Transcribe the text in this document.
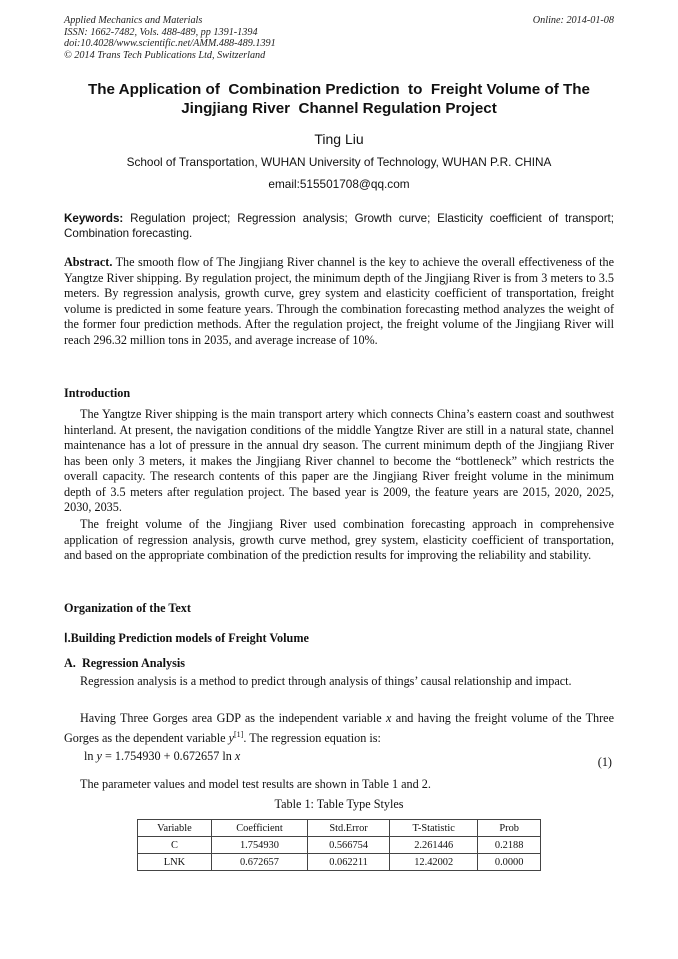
Applied Mechanics and Materials
ISSN: 1662-7482, Vols. 488-489, pp 1391-1394
doi:10.4028/www.scientific.net/AMM.488-489.1391
© 2014 Trans Tech Publications Ltd, Switzerland
Online: 2014-01-08
The Application of  Combination Prediction  to  Freight Volume of The
Jingjiang River  Channel Regulation Project
Ting Liu
School of Transportation, WUHAN University of Technology, WUHAN P.R. CHINA
email:515501708@qq.com
Keywords: Regulation project; Regression analysis; Growth curve; Elasticity coefficient of transport; Combination forecasting.
Abstract. The smooth flow of The Jingjiang River channel is the key to achieve the overall effectiveness of the Yangtze River shipping. By regulation project, the minimum depth of the Jingjiang River is from 3 meters to 3.5 meters. By regression analysis, growth curve, grey system and elasticity coefficient of transportation, freight volume is predicted in some feature years. Through the combination forecasting method analyzes the weight of the former four prediction methods. After the regulation project, the freight volume of the Jingjiang River will reach 296.32 million tons in 2035, and average increase of 10%.
Introduction
The Yangtze River shipping is the main transport artery which connects China’s eastern coast and southwest hinterland. At present, the navigation conditions of the middle Yangtze River are still in a natural state, channel maintenance has a lot of pressure in the annual dry season. The current minimum depth of the Jingjiang River has been only 3 meters, it makes the Jingjiang River channel to become the “bottleneck” which restricts the overall capacity. The research contents of this paper are the Jingjiang River freight volume in the minimum depth of 3.5 meters after regulation project. The based year is 2009, the feature years are 2015, 2020, 2025, 2030, 2035.
The freight volume of the Jingjiang River used combination forecasting approach in comprehensive application of regression analysis, growth curve method, grey system, elasticity coefficient of transportation, and based on the appropriate combination of the prediction results for improving the reliability and stability.
Organization of the Text
Ⅰ.Building Prediction models of Freight Volume
A.  Regression Analysis
Regression analysis is a method to predict through analysis of things’ causal relationship and impact.
Having Three Gorges area GDP as the independent variable x and having the freight volume of the Three Gorges as the dependent variable y[1]. The regression equation is:
ln y = 1.754930 + 0.672657 ln x	(1)
The parameter values and model test results are shown in Table 1 and 2.
Table 1: Table Type Styles
Variable	Coefficient	Std.Error	T-Statistic	Prob
C	1.754930	0.566754	2.261446	0.2188
LNK	0.672657	0.062211	12.42002	0.0000
